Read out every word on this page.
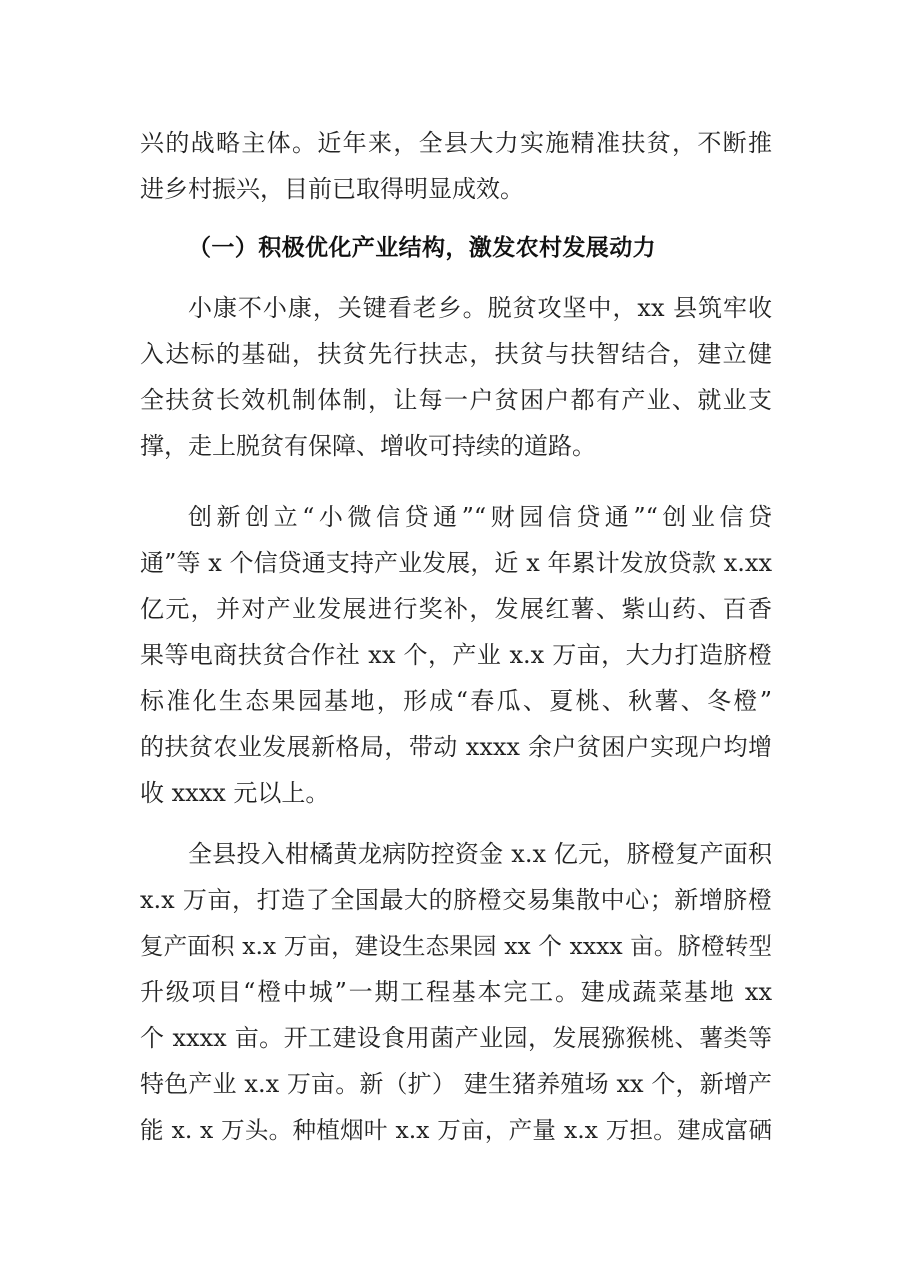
兴的战略主体。近年来，全县大力实施精准扶贫，不断推
进乡村振兴，目前已取得明显成效。
（一）积极优化产业结构，激发农村发展动力
小康不小康，关键看老乡。脱贫攻坚中，xx 县筑牢收
入达标的基础，扶贫先行扶志，扶贫与扶智结合，建立健
全扶贫长效机制体制，让每一户贫困户都有产业、就业支
撑，走上脱贫有保障、增收可持续的道路。
创新创立“小微信贷通”“财园信贷通”“创业信贷
通”等 x 个信贷通支持产业发展，近 x 年累计发放贷款 x.xx
亿元，并对产业发展进行奖补，发展红薯、紫山药、百香
果等电商扶贫合作社 xx 个，产业 x.x 万亩，大力打造脐橙
标准化生态果园基地，形成“春瓜、夏桃、秋薯、冬橙”
的扶贫农业发展新格局，带动 xxxx 余户贫困户实现户均增
收 xxxx 元以上。
全县投入柑橘黄龙病防控资金 x.x 亿元，脐橙复产面积
x.x 万亩，打造了全国最大的脐橙交易集散中心；新增脐橙
复产面积 x.x 万亩，建设生态果园 xx 个 xxxx 亩。脐橙转型
升级项目“橙中城”一期工程基本完工。建成蔬菜基地 xx
个 xxxx 亩。开工建设食用菌产业园，发展猕猴桃、薯类等
特色产业 x.x 万亩。新（扩） 建生猪养殖场 xx 个，新增产
能 x. x 万头。种植烟叶 x.x 万亩，产量 x.x 万担。建成富硒
